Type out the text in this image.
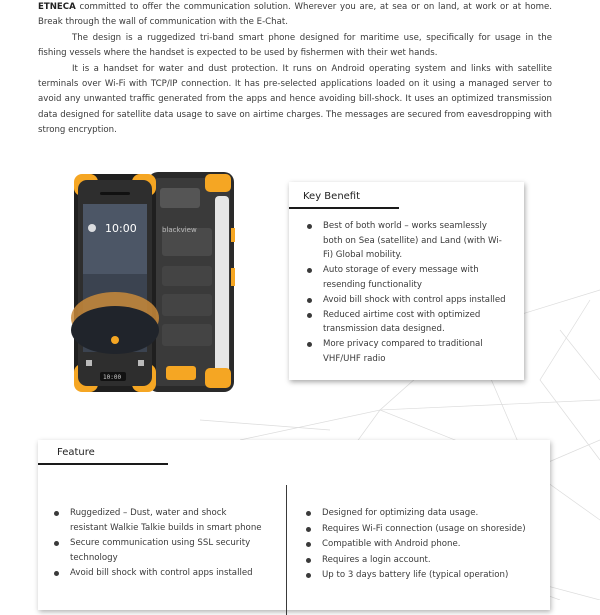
ETNECA committed to offer the communication solution. Wherever you are, at sea or on land, at work or at home. Break through the wall of communication with the E-Chat.

The design is a ruggedized tri-band smart phone designed for maritime use, specifically for usage in the fishing vessels where the handset is expected to be used by fishermen with their wet hands.

It is a handset for water and dust protection. It runs on Android operating system and links with satellite terminals over Wi-Fi with TCP/IP connection. It has pre-selected applications loaded on it using a managed server to avoid any unwanted traffic generated from the apps and hence avoiding bill-shock. It uses an optimized transmission data designed for satellite data usage to save on airtime charges. The messages are secured from eavesdropping with strong encryption.

blackview
10:00
10:00
Key Benefit
Best of both world – works seamlessly both on Sea (satellite) and Land (with Wi-Fi) Global mobility.
Auto storage of every message with resending functionality
Avoid bill shock with control apps installed
Reduced airtime cost with optimized transmission data designed.
More privacy compared to traditional VHF/UHF radio
Feature
Ruggedized – Dust, water and shock resistant Walkie Talkie builds in smart phone
Secure communication using SSL security technology
Avoid bill shock with control apps installed
Designed for optimizing data usage.
Requires Wi-Fi connection (usage on shoreside)
Compatible with Android phone.
Requires a login account.
Up to 3 days battery life (typical operation)
